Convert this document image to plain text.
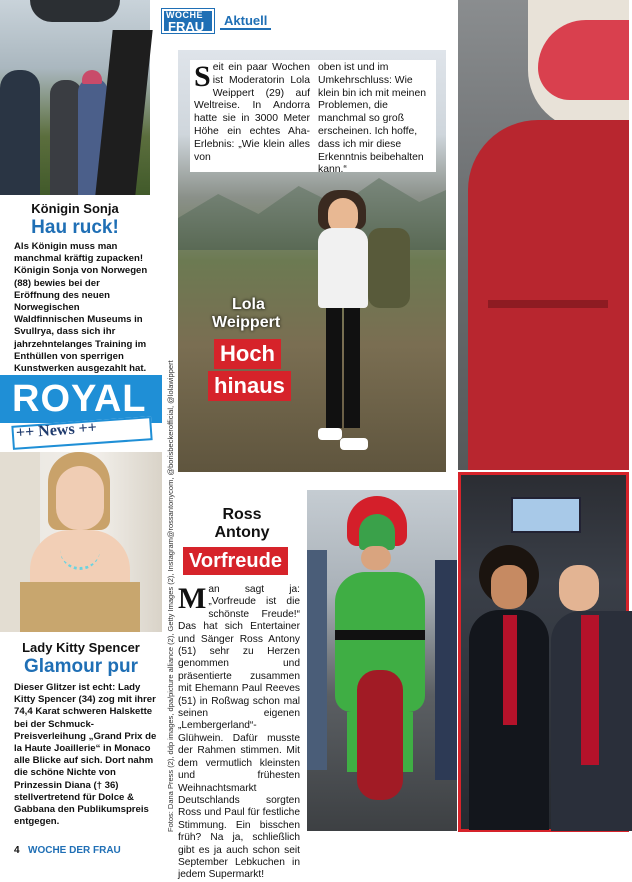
WOCHE
FRAU	Aktuell
Königin Sonja
Hau ruck!
Als Königin muss man manchmal kräftig zupacken! Königin Sonja von Norwegen (88) bewies bei der Eröffnung des neuen Norwegischen Waldfinnischen Museums in Svullrya, dass sich ihr jahrzehntelanges Training im Enthüllen von sperrigen Kunstwerken ausgezahlt hat.
ROYAL
++ News ++
Lady Kitty Spencer
Glamour pur
Dieser Glitzer ist echt: Lady Kitty Spencer (34) zog mit ihrer 74,4 Karat schweren Halskette bei der Schmuck-Preisverleihung „Grand Prix de la Haute Joaillerie“ in Monaco alle Blicke auf sich. Dort nahm die schöne Nichte von Prinzessin Diana († 36) stellvertretend für Dolce & Gabbana den Publikumspreis entgegen.
Seit ein paar Wochen ist Moderatorin Lola Weippert (29) auf Weltreise. In Andorra hatte sie in 3000 Meter Höhe ein echtes Aha-Erlebnis: „Wie klein alles von
oben ist und im Umkehrschluss: Wie klein bin ich mit meinen Problemen, die manchmal so groß erscheinen. Ich hoffe, dass ich mir diese Erkenntnis beibehalten kann.“
Lola
Weippert
Hoch
hinaus
Ross
Antony
Vorfreude
Man sagt ja: „Vorfreude ist die schönste Freude!“ Das hat sich Entertainer und Sänger Ross Antony (51) sehr zu Herzen genommen und präsentierte zusammen mit Ehemann Paul Reeves (51) in Roßwag schon mal seinen eigenen „Lembergerland“-Glühwein. Dafür musste der Rahmen stimmen. Mit dem vermutlich kleinsten und frühesten Weihnachtsmarkt Deutschlands sorgten Ross und Paul für festliche Stimmung. Ein bisschen früh? Na ja, schließlich gibt es ja auch schon seit September Lebkuchen in jedem Supermarkt!
Fotos: Dana Press (2), ddp images, dpa/picture alliance (2), Getty Images (2), Instagram@rossantonycom, @borisbeckerofficial, @lolawippert
4 WOCHE DER FRAU
